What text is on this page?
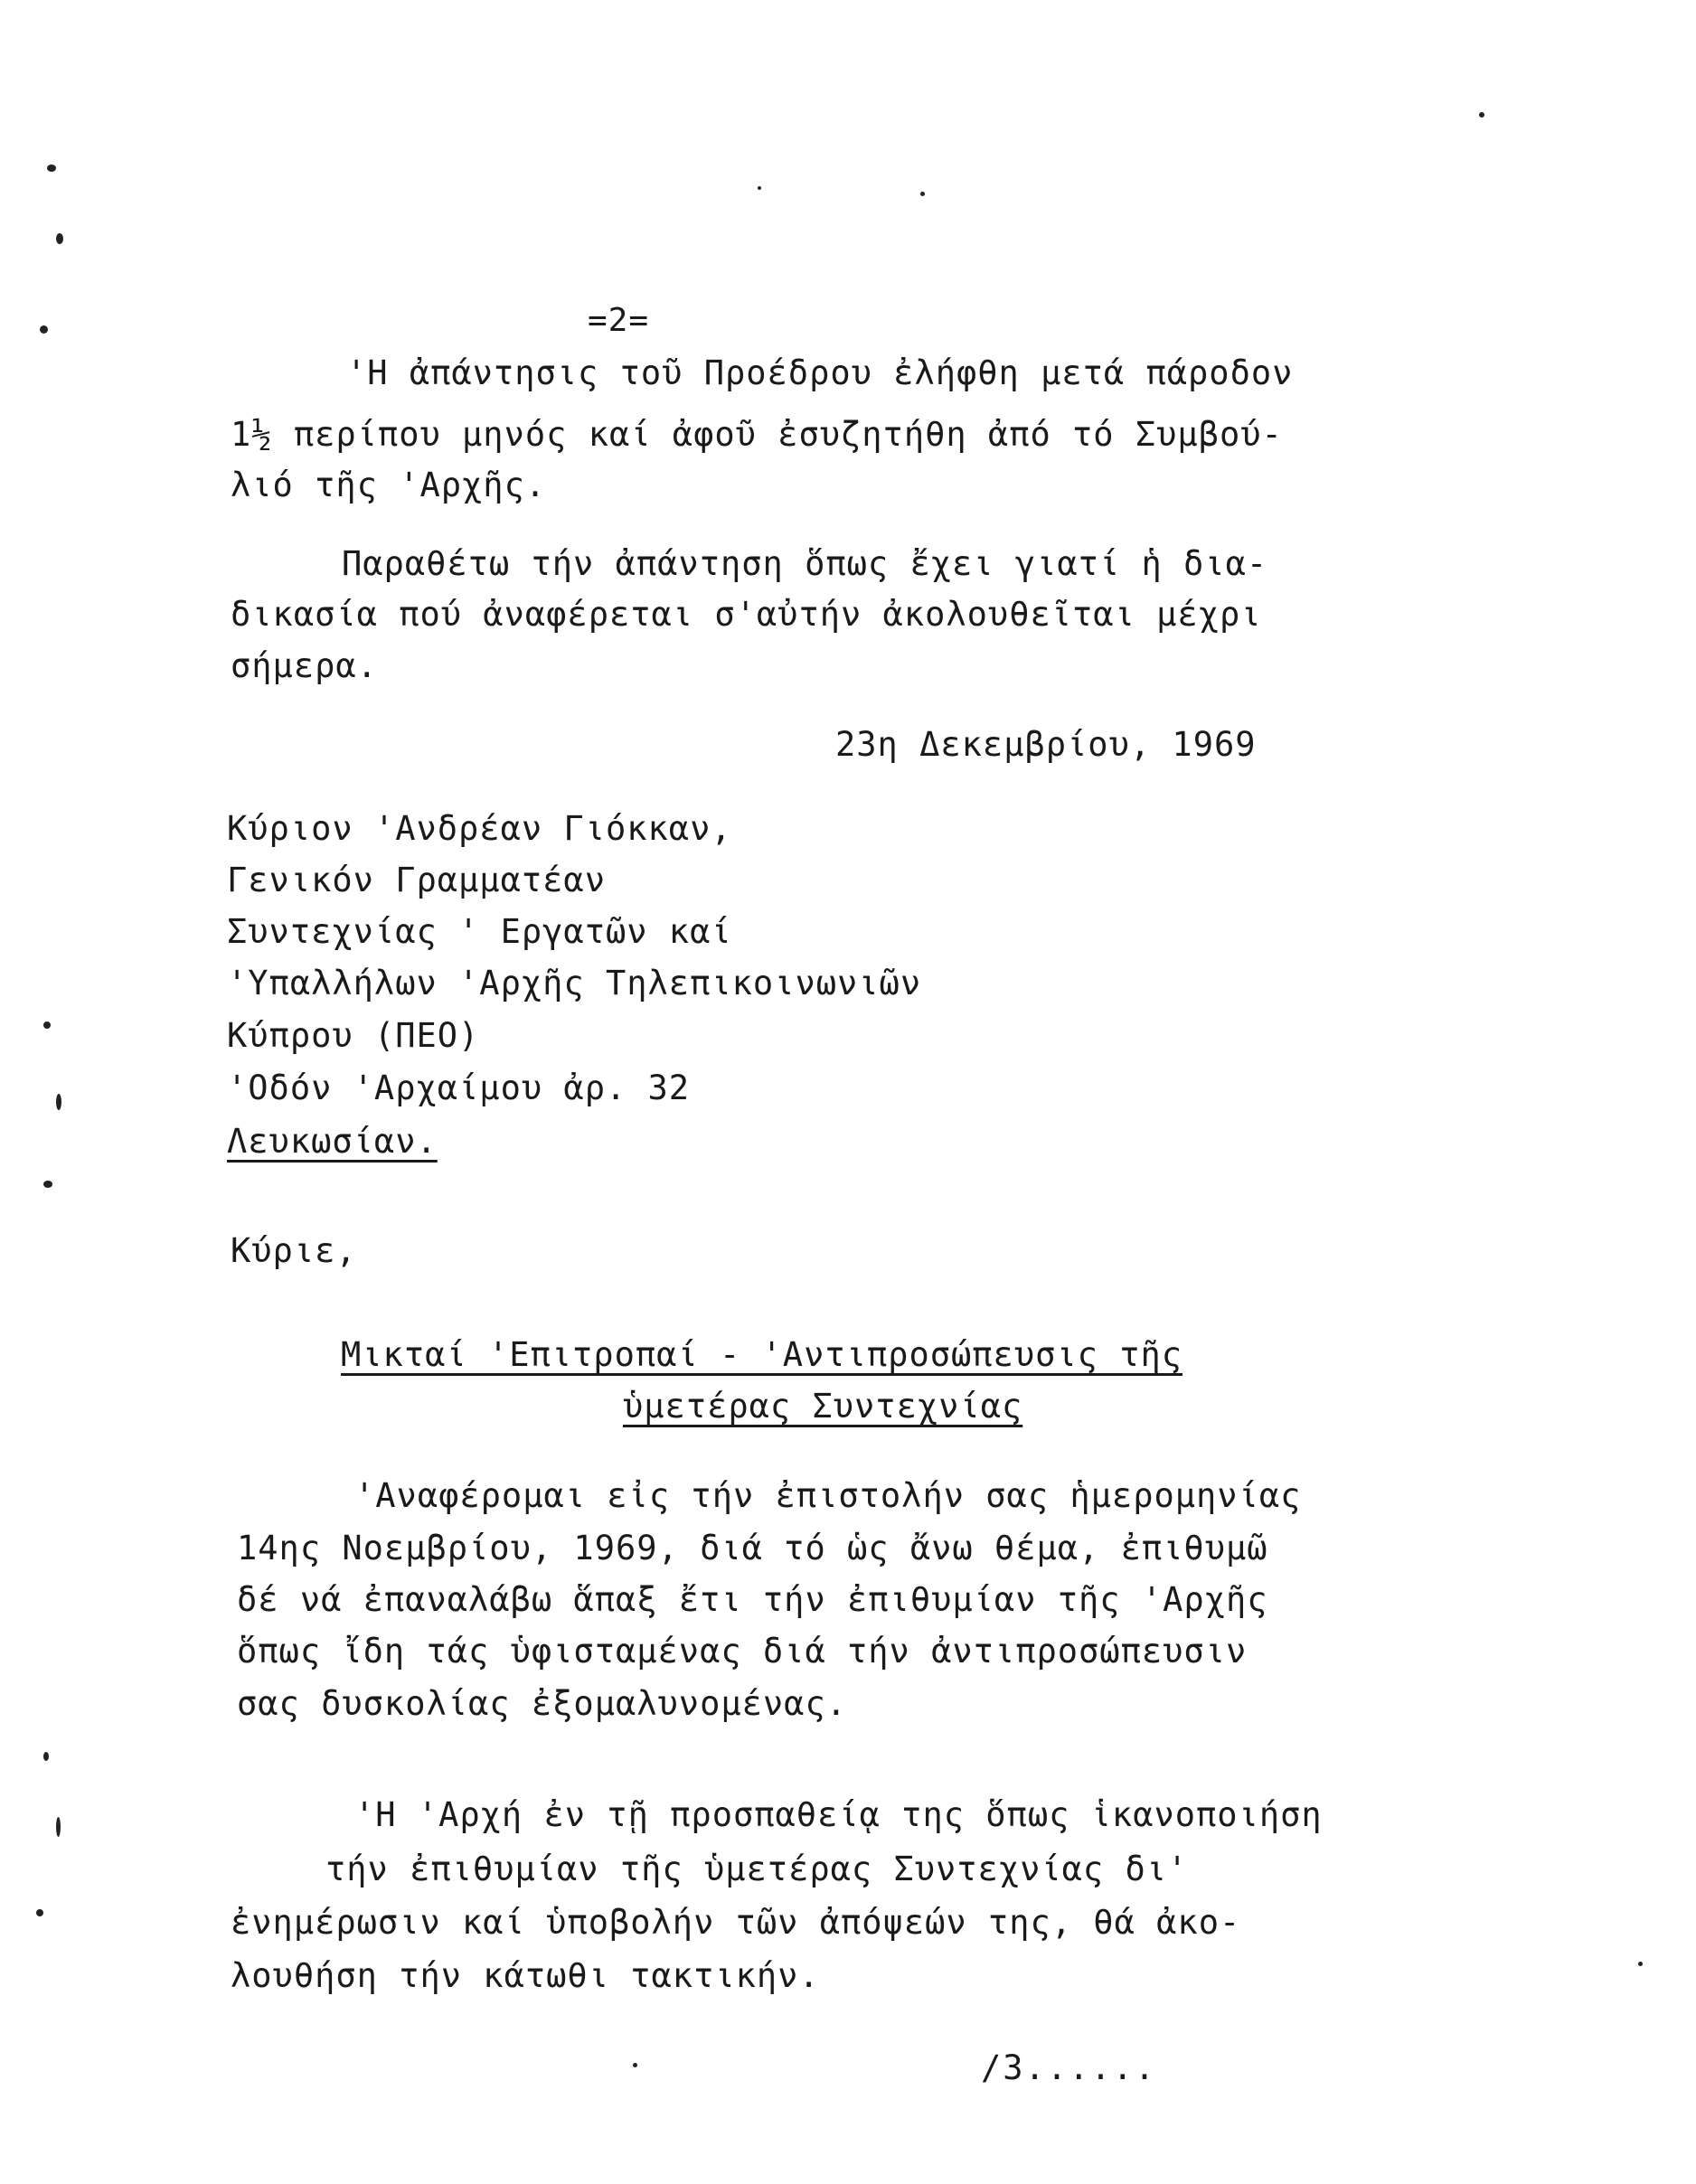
=2=
'Η ἀπάντησις τοῦ Προέδρου ἐλήφθη μετά πάροδον
1½ περίπου μηνός καί ἀφοῦ ἐσυζητήθη ἀπό τό Συμβού-
λιό τῆς 'Αρχῆς.
Παραθέτω τήν ἀπάντηση ὅπως ἔχει γιατί ἡ δια-
δικασία πού ἀναφέρεται σ'αὐτήν ἀκολουθεῖται μέχρι
σήμερα.
23η Δεκεμβρίου, 1969
Κύριον 'Ανδρέαν Γιόκκαν,
Γενικόν Γραμματέαν
Συντεχνίας ' Εργατῶν καί
'Υπαλλήλων 'Αρχῆς Τηλεπικοινωνιῶν
Κύπρου (ΠΕΟ)
'Οδόν 'Αρχαίμου ἀρ. 32
Λευκωσίαν.
Κύριε,
Μικταί 'Επιτροπαί - 'Αντιπροσώπευσις τῆς
ὑμετέρας Συντεχνίας
'Αναφέρομαι εἰς τήν ἐπιστολήν σας ἡμερομηνίας
14ης Νοεμβρίου, 1969, διά τό ὡς ἄνω θέμα, ἐπιθυμῶ
δέ νά ἐπαναλάβω ἅπαξ ἔτι τήν ἐπιθυμίαν τῆς 'Αρχῆς
ὅπως ἴδη τάς ὑφισταμένας διά τήν ἀντιπροσώπευσιν
σας δυσκολίας ἐξομαλυνομένας.
'Η 'Αρχή ἐν τῇ προσπαθείᾳ της ὅπως ἱκανοποιήση
τήν ἐπιθυμίαν τῆς ὑμετέρας Συντεχνίας δι'
ἐνημέρωσιν καί ὑποβολήν τῶν ἀπόψεών της, θά ἀκο-
λουθήση τήν κάτωθι τακτικήν.
/3......
